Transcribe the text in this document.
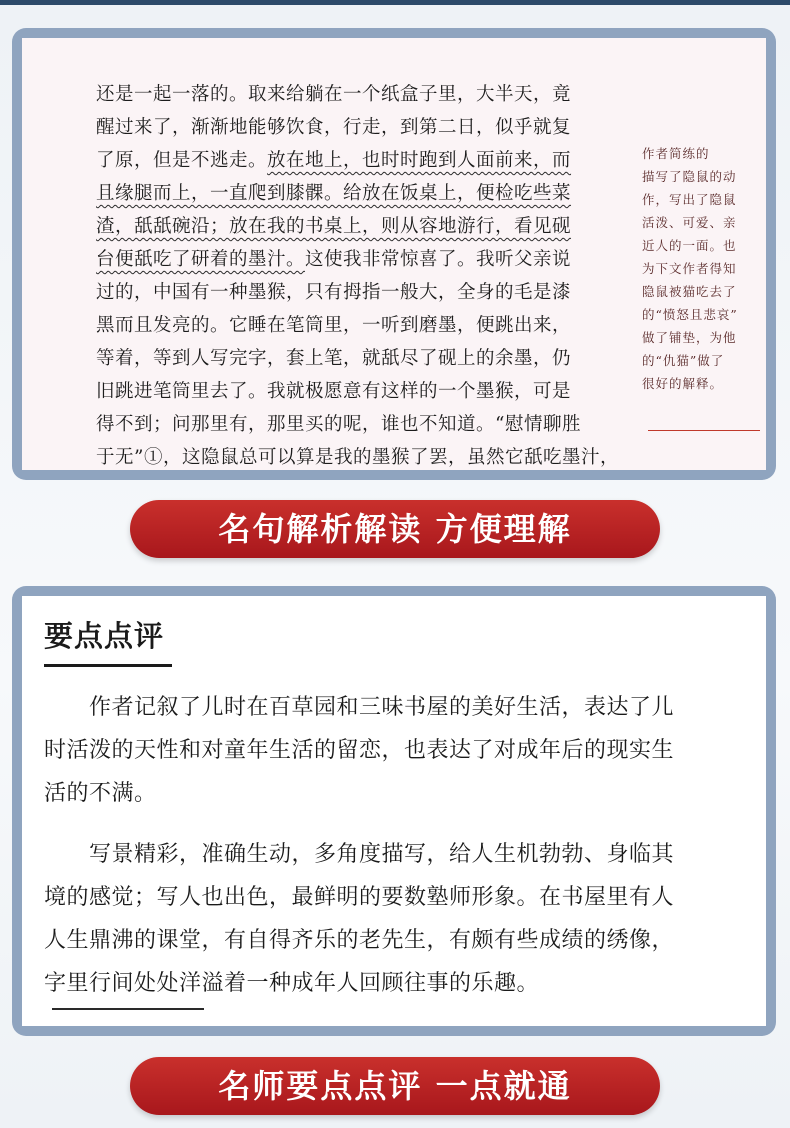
还是一起一落的。取来给躺在一个纸盒子里，大半天，竟
醒过来了，渐渐地能够饮食，行走，到第二日，似乎就复
了原，但是不逃走。放在地上，也时时跑到人面前来，而
且缘腿而上，一直爬到膝髁。给放在饭桌上，便检吃些菜
渣，舐舐碗沿；放在我的书桌上，则从容地游行，看见砚
台便舐吃了研着的墨汁。这使我非常惊喜了。我听父亲说
过的，中国有一种墨猴，只有拇指一般大，全身的毛是漆
黑而且发亮的。它睡在笔筒里，一听到磨墨，便跳出来，
等着，等到人写完字，套上笔，就舐尽了砚上的余墨，仍
旧跳进笔筒里去了。我就极愿意有这样的一个墨猴，可是
得不到；问那里有，那里买的呢，谁也不知道。“慰情聊胜
于无”①，这隐鼠总可以算是我的墨猴了罢，虽然它舐吃墨汁，
作者简练的
描写了隐鼠的动
作，写出了隐鼠
活泼、可爱、亲
近人的一面。也
为下文作者得知
隐鼠被猫吃去了
的“愤怒且悲哀”
做了铺垫，为他
的“仇猫”做了
很好的解释。
名句解析解读 方便理解
要点点评
　　作者记叙了儿时在百草园和三味书屋的美好生活，表达了儿
时活泼的天性和对童年生活的留恋，也表达了对成年后的现实生
活的不满。
　　写景精彩，准确生动，多角度描写，给人生机勃勃、身临其
境的感觉；写人也出色，最鲜明的要数塾师形象。在书屋里有人
人生鼎沸的课堂，有自得齐乐的老先生，有颇有些成绩的绣像，
字里行间处处洋溢着一种成年人回顾往事的乐趣。
名师要点点评 一点就通
